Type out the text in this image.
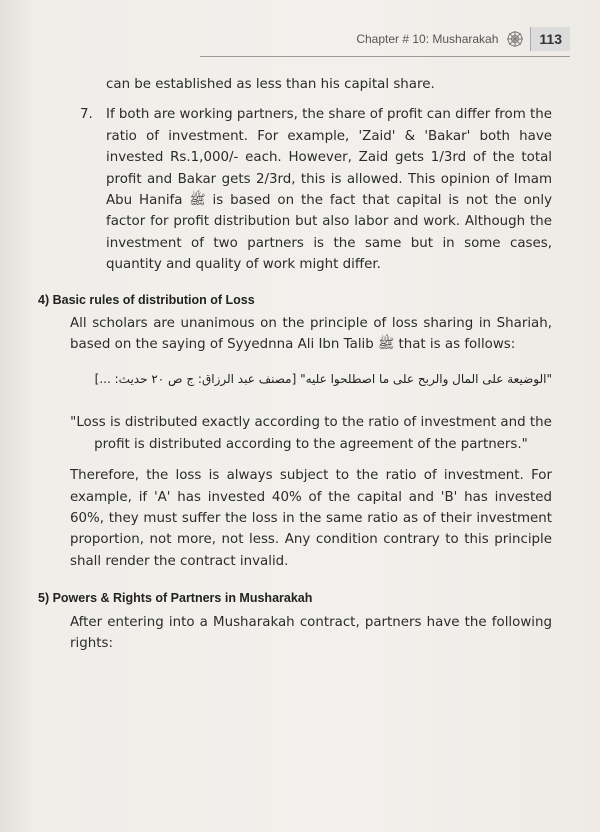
Chapter # 10: Musharakah	113

can be established as less than his capital share.

7. If both are working partners, the share of profit can differ from the ratio of investment. For example, 'Zaid' & 'Bakar' both have invested Rs.1,000/- each. However, Zaid gets 1/3rd of the total profit and Bakar gets 2/3rd, this is allowed. This opinion of Imam Abu Hanifa ﷺ is based on the fact that capital is not the only factor for profit distribution but also labor and work. Although the investment of two partners is the same but in some cases, quantity and quality of work might differ.
4) Basic rules of distribution of Loss

All scholars are unanimous on the principle of loss sharing in Shariah, based on the saying of Syyednna Ali Ibn Talib ﷺ that is as follows:

"الوضيعة على المال والربح على ما اصطلحوا عليه" [مصنف عبد الرزاق: ج ص ٢٠ حديث: ...]

"Loss is distributed exactly according to the ratio of investment and the profit is distributed according to the agreement of the partners."

Therefore, the loss is always subject to the ratio of investment. For example, if 'A' has invested 40% of the capital and 'B' has invested 60%, they must suffer the loss in the same ratio as of their investment proportion, not more, not less. Any condition contrary to this principle shall render the contract invalid.

5) Powers & Rights of Partners in Musharakah

After entering into a Musharakah contract, partners have the following rights:
